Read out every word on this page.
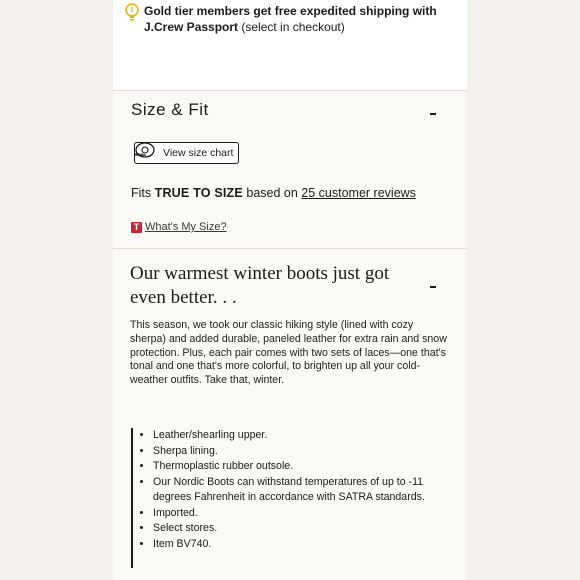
Gold tier members get free expedited shipping with J.Crew Passport (select in checkout)
Size & Fit
View size chart
Fits TRUE TO SIZE based on 25 customer reviews
T What's My Size?
Our warmest winter boots just got even better. . .
This season, we took our classic hiking style (lined with cozy sherpa) and added durable, paneled leather for extra rain and snow protection. Plus, each pair comes with two sets of laces—one that's tonal and one that's more colorful, to brighten up all your cold-weather outfits. Take that, winter.
• Leather/shearling upper.
• Sherpa lining.
• Thermoplastic rubber outsole.
• Our Nordic Boots can withstand temperatures of up to -11 degrees Fahrenheit in accordance with SATRA standards.
• Imported.
• Select stores.
• Item BV740.
